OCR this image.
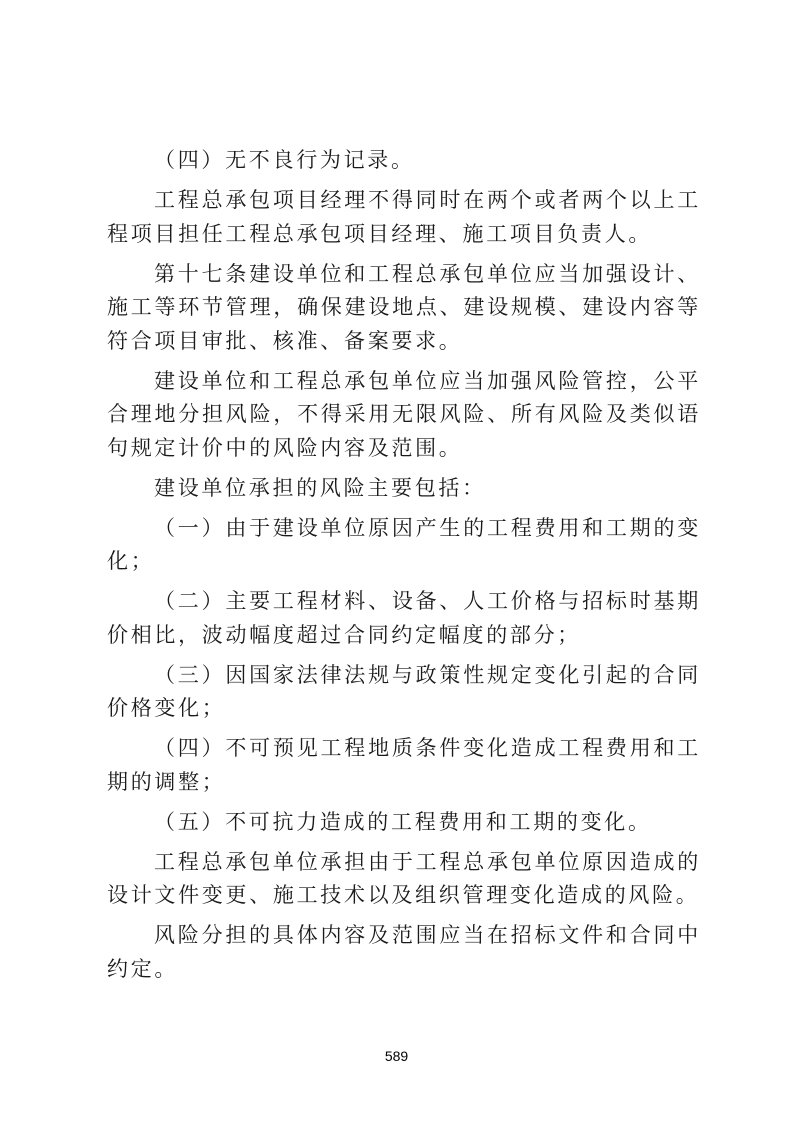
（四）无不良行为记录。

工程总承包项目经理不得同时在两个或者两个以上工程项目担任工程总承包项目经理、施工项目负责人。

第十七条建设单位和工程总承包单位应当加强设计、施工等环节管理，确保建设地点、建设规模、建设内容等符合项目审批、核准、备案要求。

建设单位和工程总承包单位应当加强风险管控，公平合理地分担风险，不得采用无限风险、所有风险及类似语句规定计价中的风险内容及范围。

建设单位承担的风险主要包括：

（一）由于建设单位原因产生的工程费用和工期的变化；

（二）主要工程材料、设备、人工价格与招标时基期价相比，波动幅度超过合同约定幅度的部分；

（三）因国家法律法规与政策性规定变化引起的合同价格变化；

（四）不可预见工程地质条件变化造成工程费用和工期的调整；

（五）不可抗力造成的工程费用和工期的变化。

工程总承包单位承担由于工程总承包单位原因造成的设计文件变更、施工技术以及组织管理变化造成的风险。

风险分担的具体内容及范围应当在招标文件和合同中约定。

589
